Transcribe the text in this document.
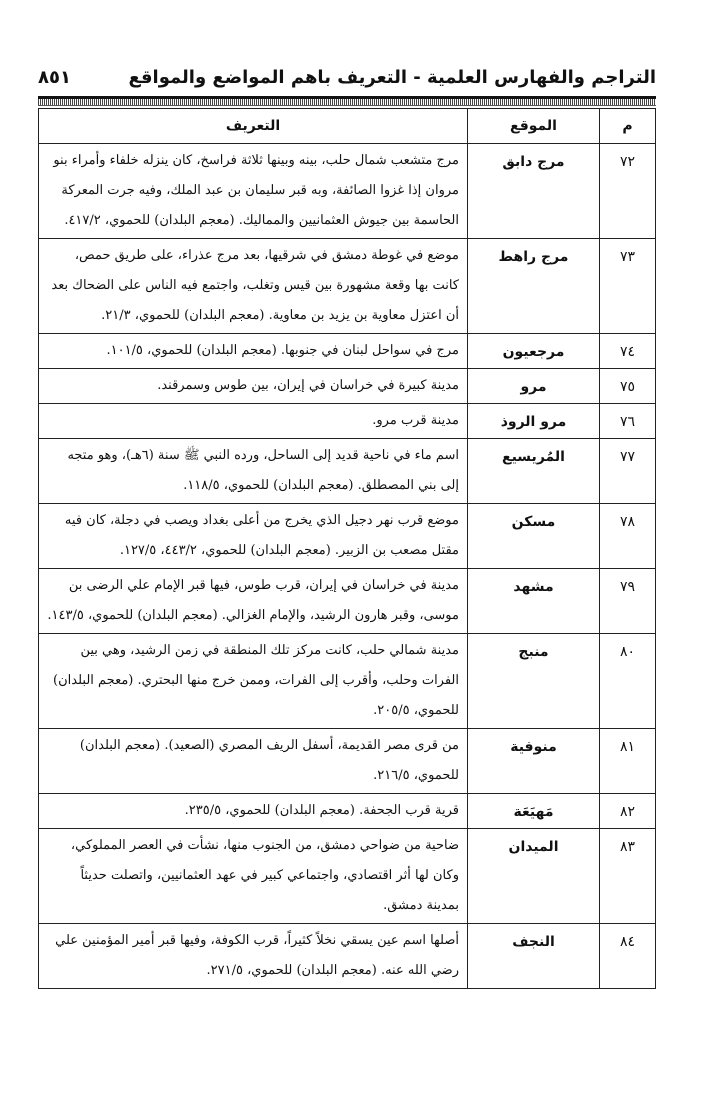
التراجم والفهارس العلمية - التعريف باهم المواضع والمواقع
٨٥١
م	الموقع	التعريف
٧٢	مرج دابق	مرج متشعب شمال حلب، بينه وبينها ثلاثة فراسخ، كان ينزله خلفاء وأمراء بنو مروان إذا غزوا الصائفة، وبه قبر سليمان بن عبد الملك، وفيه جرت المعركة الحاسمة بين جيوش العثمانيين والمماليك. (معجم البلدان) للحموي، ٤١٧/٢.
٧٣	مرج راهط	موضع في غوطة دمشق في شرقيها، بعد مرج عذراء، على طريق حمص، كانت بها وقعة مشهورة بين قيس وتغلب، واجتمع فيه الناس على الضحاك بعد أن اعتزل معاوية بن يزيد بن معاوية. (معجم البلدان) للحموي، ٢١/٣.
٧٤	مرجعيون	مرج في سواحل لبنان في جنوبها. (معجم البلدان) للحموي، ١٠١/٥.
٧٥	مرو	مدينة كبيرة في خراسان في إيران، بين طوس وسمرقند.
٧٦	مرو الروذ	مدينة قرب مرو.
٧٧	المُريسيع	اسم ماء في ناحية قديد إلى الساحل، ورده النبي ﷺ سنة (٦هـ)، وهو متجه إلى بني المصطلق. (معجم البلدان) للحموي، ١١٨/٥.
٧٨	مسكن	موضع قرب نهر دجيل الذي يخرج من أعلى بغداد ويصب في دجلة، كان فيه مقتل مصعب بن الزبير. (معجم البلدان) للحموي، ٤٤٣/٢، ١٢٧/٥.
٧٩	مشهد	مدينة في خراسان في إيران، قرب طوس، فيها قبر الإمام علي الرضى بن موسى، وقبر هارون الرشيد، والإمام الغزالي. (معجم البلدان) للحموي، ١٤٣/٥.
٨٠	منبج	مدينة شمالي حلب، كانت مركز تلك المنطقة في زمن الرشيد، وهي بين الفرات وحلب، وأقرب إلى الفرات، وممن خرج منها البحتري. (معجم البلدان) للحموي، ٢٠٥/٥.
٨١	منوفية	من قرى مصر القديمة، أسفل الريف المصري (الصعيد). (معجم البلدان) للحموي، ٢١٦/٥.
٨٢	مَهيَعَة	قرية قرب الجحفة. (معجم البلدان) للحموي، ٢٣٥/٥.
٨٣	الميدان	ضاحية من ضواحي دمشق، من الجنوب منها، نشأت في العصر المملوكي، وكان لها أثر اقتصادي، واجتماعي كبير في عهد العثمانيين، واتصلت حديثاً بمدينة دمشق.
٨٤	النجف	أصلها اسم عين يسقي نخلاً كثيراً، قرب الكوفة، وفيها قبر أمير المؤمنين علي رضي الله عنه. (معجم البلدان) للحموي، ٢٧١/٥.
